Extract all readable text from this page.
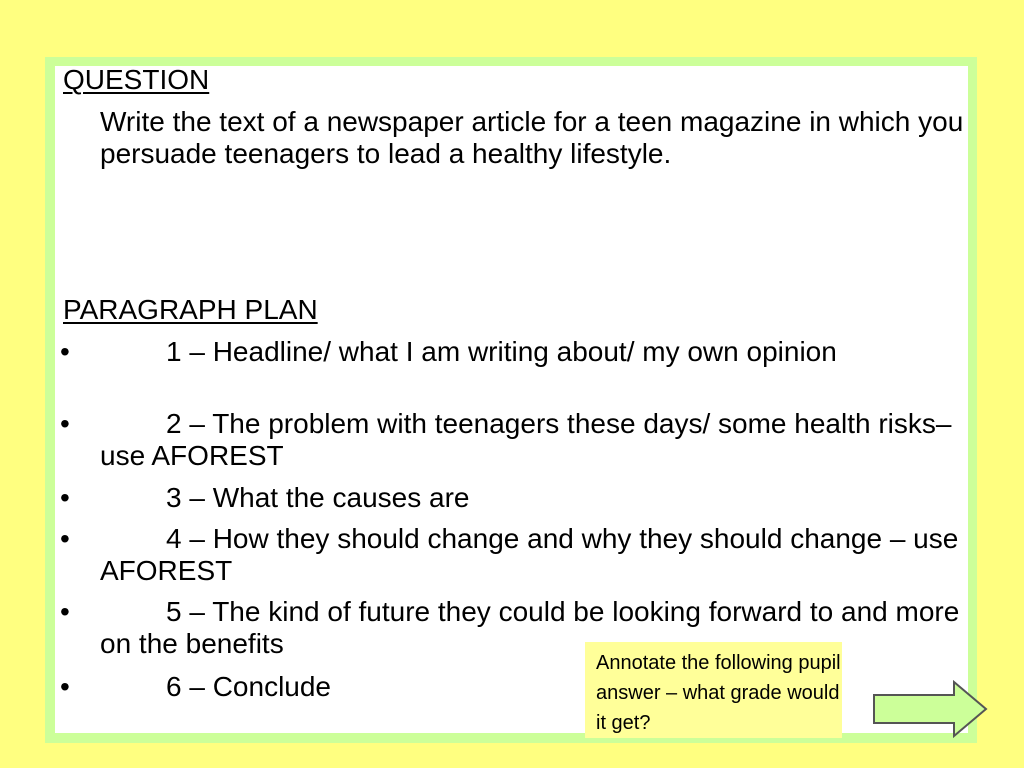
QUESTION
Write the text of a newspaper article for a teen magazine in which you persuade teenagers to lead a healthy lifestyle.
PARAGRAPH PLAN
•	1 – Headline/ what I am writing about/ my own opinion
•	2 – The problem with teenagers these days/ some health risks– use AFOREST
•	3 – What the causes are
•	4 – How they should change and why they should change – use AFOREST
•	5 – The kind of future they could be looking forward to and more on the benefits
•	6 – Conclude
Annotate the following pupil answer – what grade would it get?
